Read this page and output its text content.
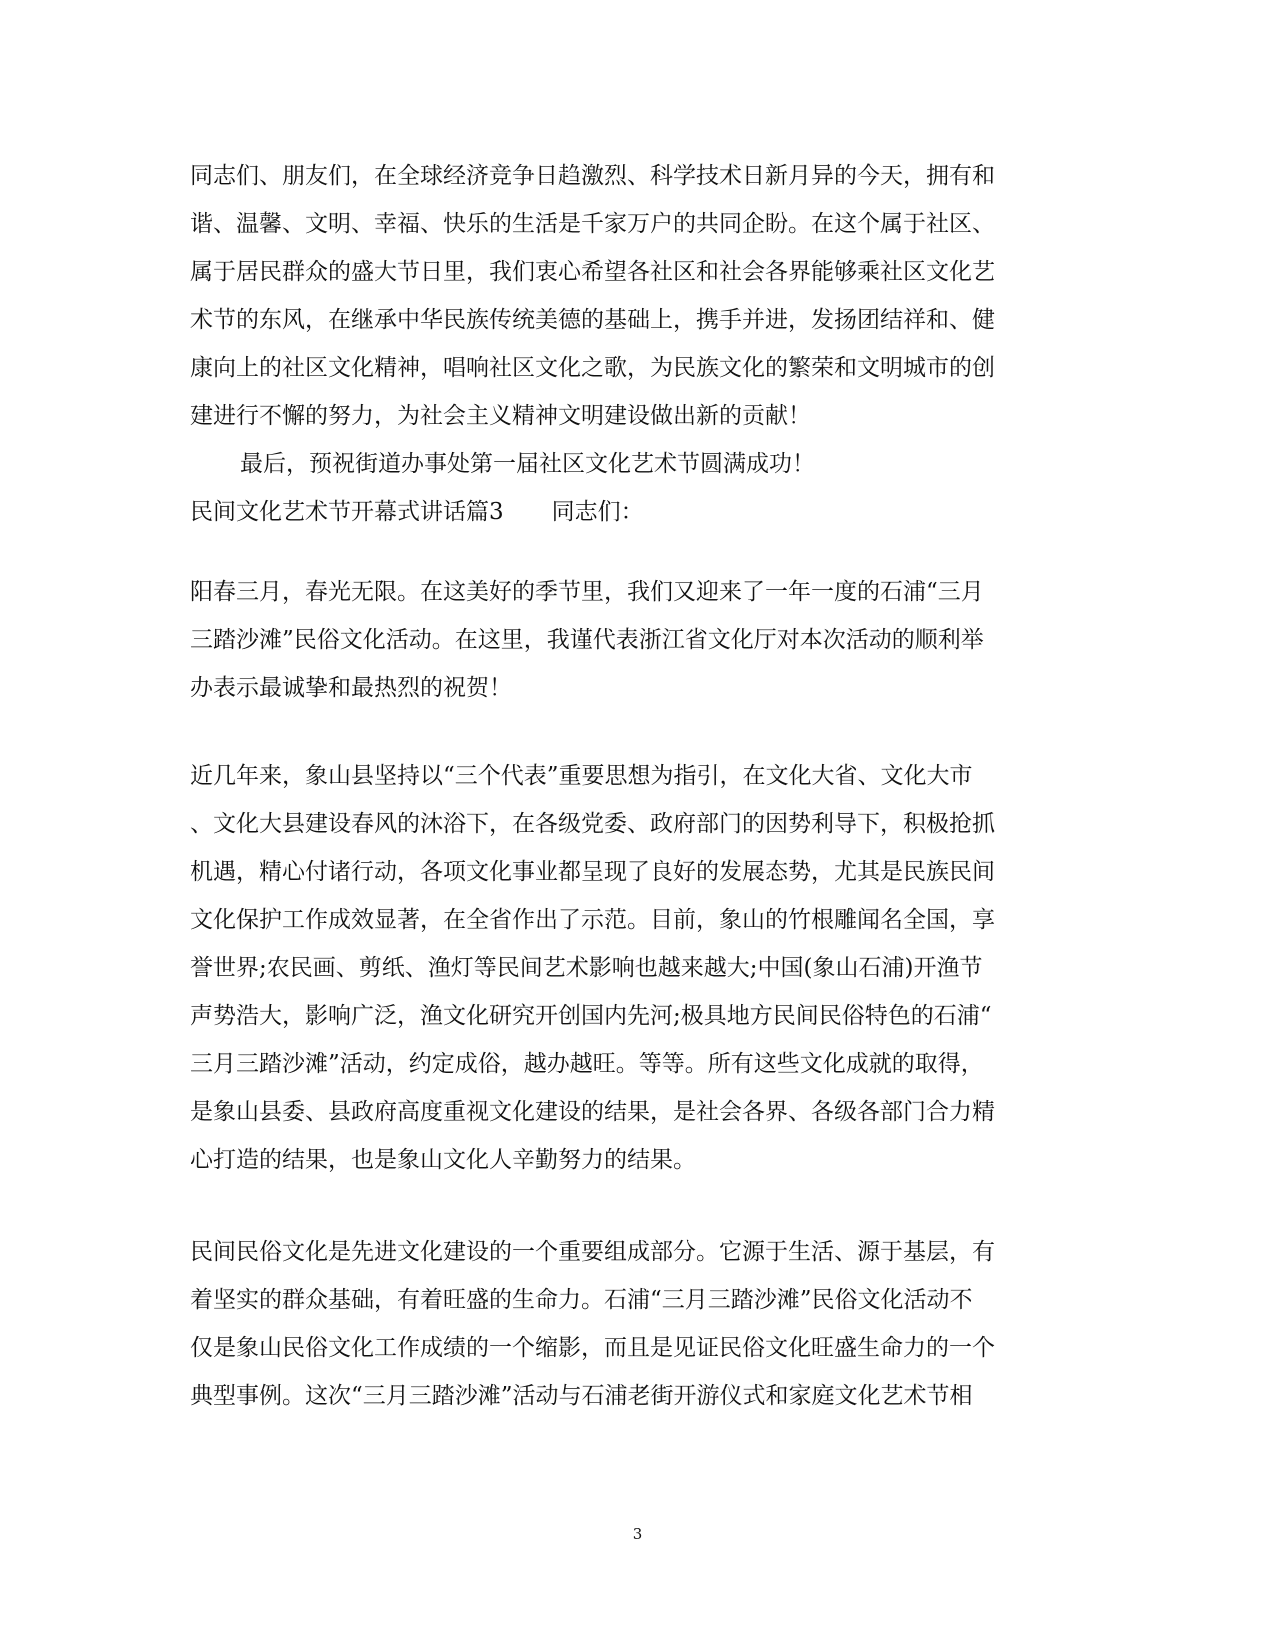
同志们、朋友们，在全球经济竞争日趋激烈、科学技术日新月异的今天，拥有和
谐、温馨、文明、幸福、快乐的生活是千家万户的共同企盼。在这个属于社区、
属于居民群众的盛大节日里，我们衷心希望各社区和社会各界能够乘社区文化艺
术节的东风，在继承中华民族传统美德的基础上，携手并进，发扬团结祥和、健
康向上的社区文化精神，唱响社区文化之歌，为民族文化的繁荣和文明城市的创
建进行不懈的努力，为社会主义精神文明建设做出新的贡献！
最后，预祝街道办事处第一届社区文化艺术节圆满成功！
民间文化艺术节开幕式讲话篇3 同志们：
阳春三月，春光无限。在这美好的季节里，我们又迎来了一年一度的石浦“三月
三踏沙滩”民俗文化活动。在这里，我谨代表浙江省文化厅对本次活动的顺利举
办表示最诚挚和最热烈的祝贺！
近几年来，象山县坚持以“三个代表”重要思想为指引，在文化大省、文化大市
、文化大县建设春风的沐浴下，在各级党委、政府部门的因势利导下，积极抢抓
机遇，精心付诸行动，各项文化事业都呈现了良好的发展态势，尤其是民族民间
文化保护工作成效显著，在全省作出了示范。目前，象山的竹根雕闻名全国，享
誉世界;农民画、剪纸、渔灯等民间艺术影响也越来越大;中国(象山石浦)开渔节
声势浩大，影响广泛，渔文化研究开创国内先河;极具地方民间民俗特色的石浦“
三月三踏沙滩”活动，约定成俗，越办越旺。等等。所有这些文化成就的取得，
是象山县委、县政府高度重视文化建设的结果，是社会各界、各级各部门合力精
心打造的结果，也是象山文化人辛勤努力的结果。
民间民俗文化是先进文化建设的一个重要组成部分。它源于生活、源于基层，有
着坚实的群众基础，有着旺盛的生命力。石浦“三月三踏沙滩”民俗文化活动不
仅是象山民俗文化工作成绩的一个缩影，而且是见证民俗文化旺盛生命力的一个
典型事例。这次“三月三踏沙滩”活动与石浦老街开游仪式和家庭文化艺术节相
3
